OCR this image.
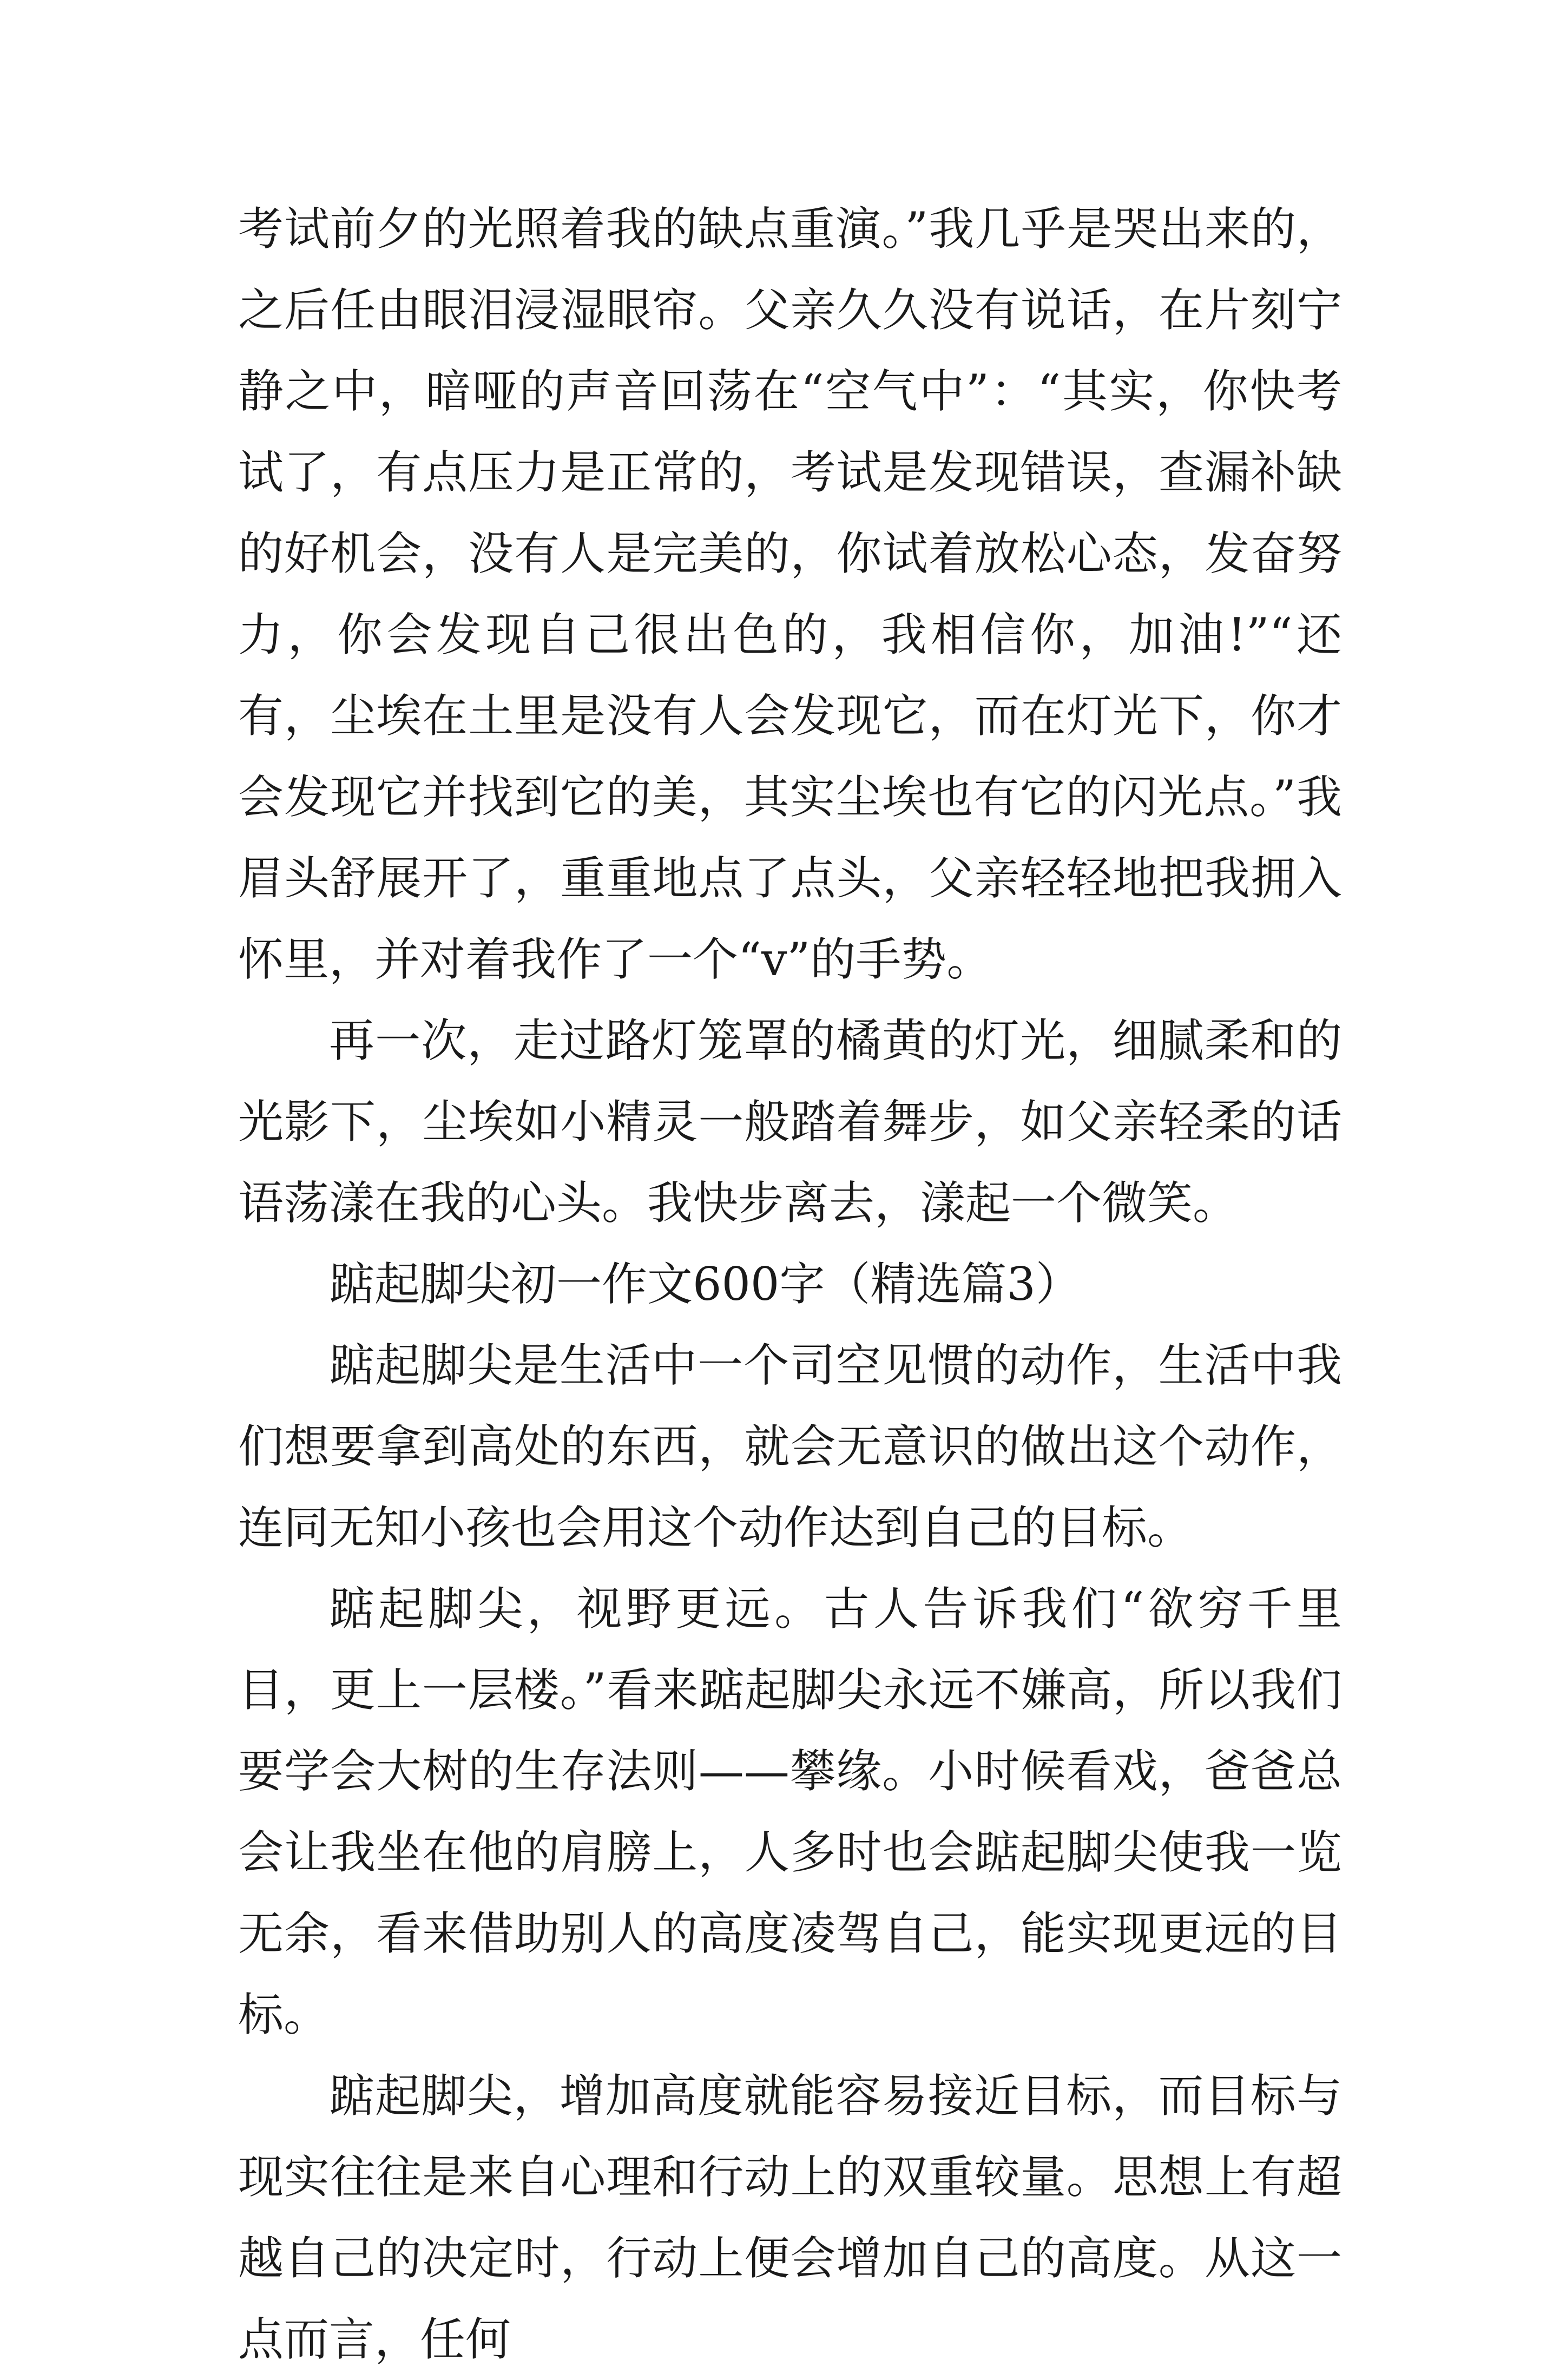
考试前夕的光照着我的缺点重演。”我几乎是哭出来的，之后任由眼泪浸湿眼帘。父亲久久没有说话，在片刻宁静之中，暗哑的声音回荡在“空气中”：“其实，你快考试了，有点压力是正常的，考试是发现错误，查漏补缺的好机会，没有人是完美的，你试着放松心态，发奋努力，你会发现自己很出色的，我相信你，加油!”“还有，尘埃在土里是没有人会发现它，而在灯光下，你才会发现它并找到它的美，其实尘埃也有它的闪光点。”我眉头舒展开了，重重地点了点头，父亲轻轻地把我拥入怀里，并对着我作了一个“v”的手势。

再一次，走过路灯笼罩的橘黄的灯光，细腻柔和的光影下，尘埃如小精灵一般踏着舞步，如父亲轻柔的话语荡漾在我的心头。我快步离去，漾起一个微笑。

踮起脚尖初一作文600字（精选篇3）

踮起脚尖是生活中一个司空见惯的动作，生活中我们想要拿到高处的东西，就会无意识的做出这个动作，连同无知小孩也会用这个动作达到自己的目标。

踮起脚尖，视野更远。古人告诉我们“欲穷千里目，更上一层楼。”看来踮起脚尖永远不嫌高，所以我们要学会大树的生存法则——攀缘。小时候看戏，爸爸总会让我坐在他的肩膀上，人多时也会踮起脚尖使我一览无余，看来借助别人的高度凌驾自己，能实现更远的目标。

踮起脚尖，增加高度就能容易接近目标，而目标与现实往往是来自心理和行动上的双重较量。思想上有超越自己的决定时，行动上便会增加自己的高度。从这一点而言，任何
